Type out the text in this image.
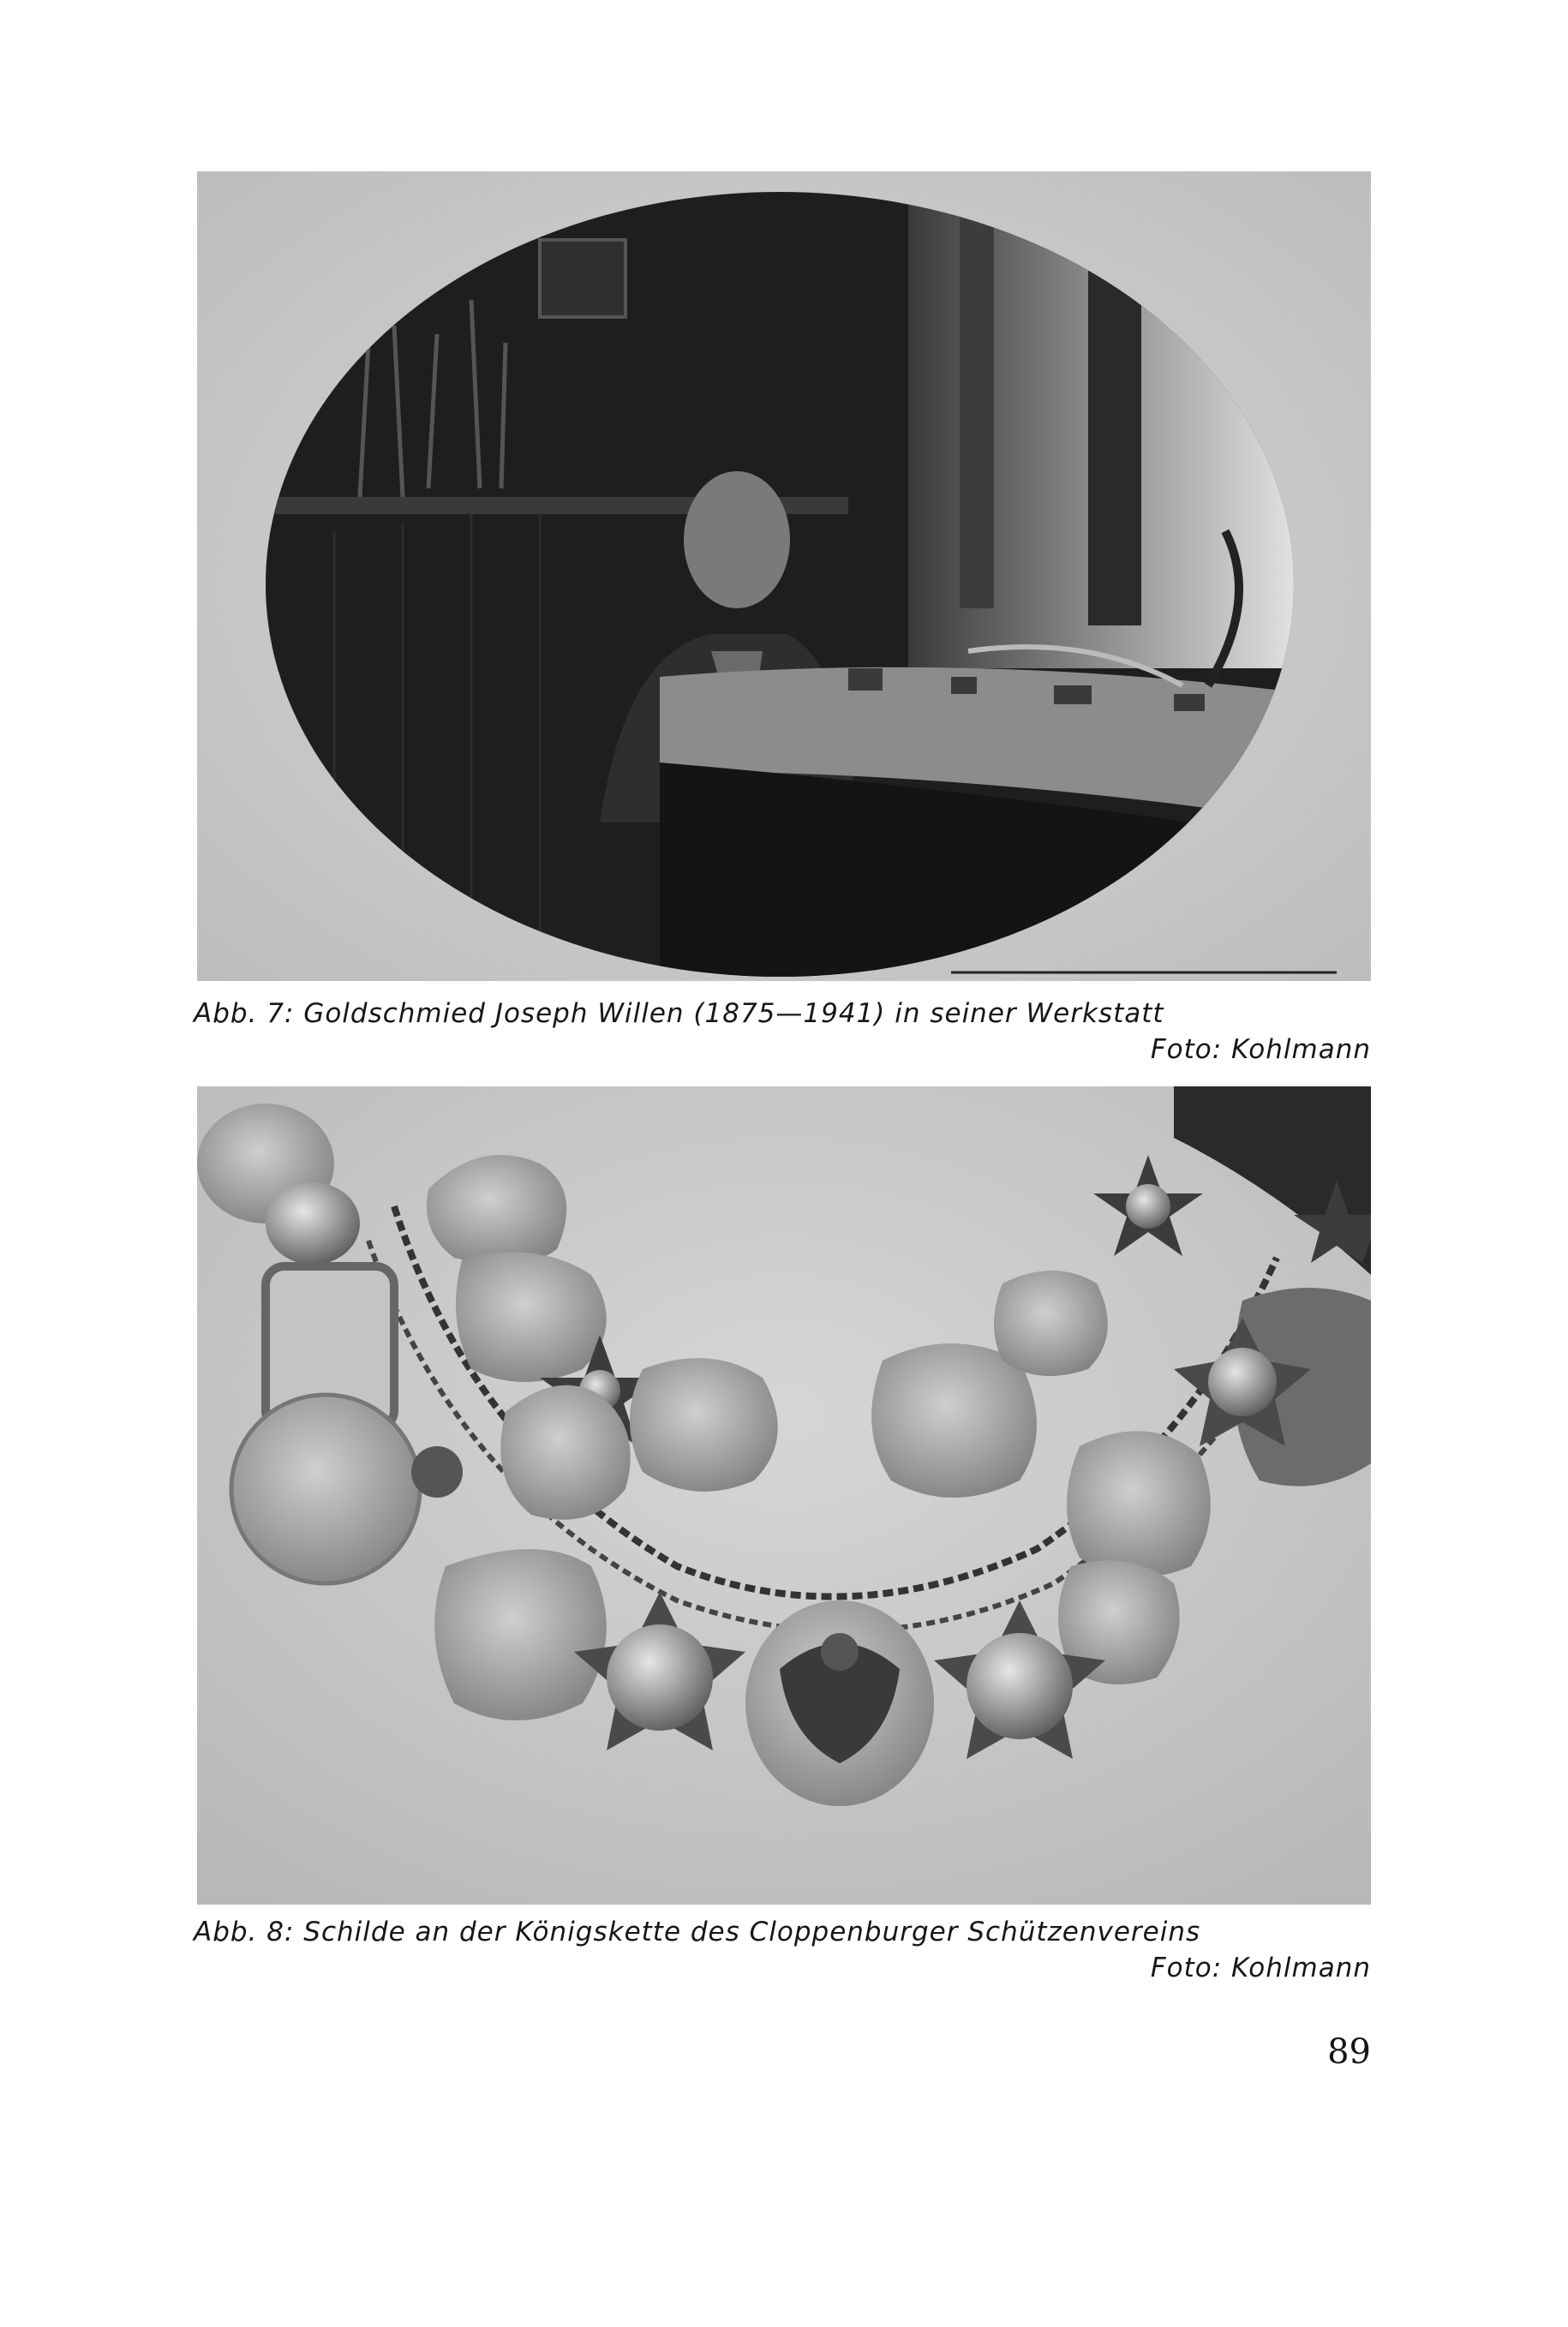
Abb. 7: Goldschmied Joseph Willen (1875—1941) in seiner Werkstatt
Foto: Kohlmann
Abb. 8: Schilde an der Königskette des Cloppenburger Schützenvereins
Foto: Kohlmann
89
